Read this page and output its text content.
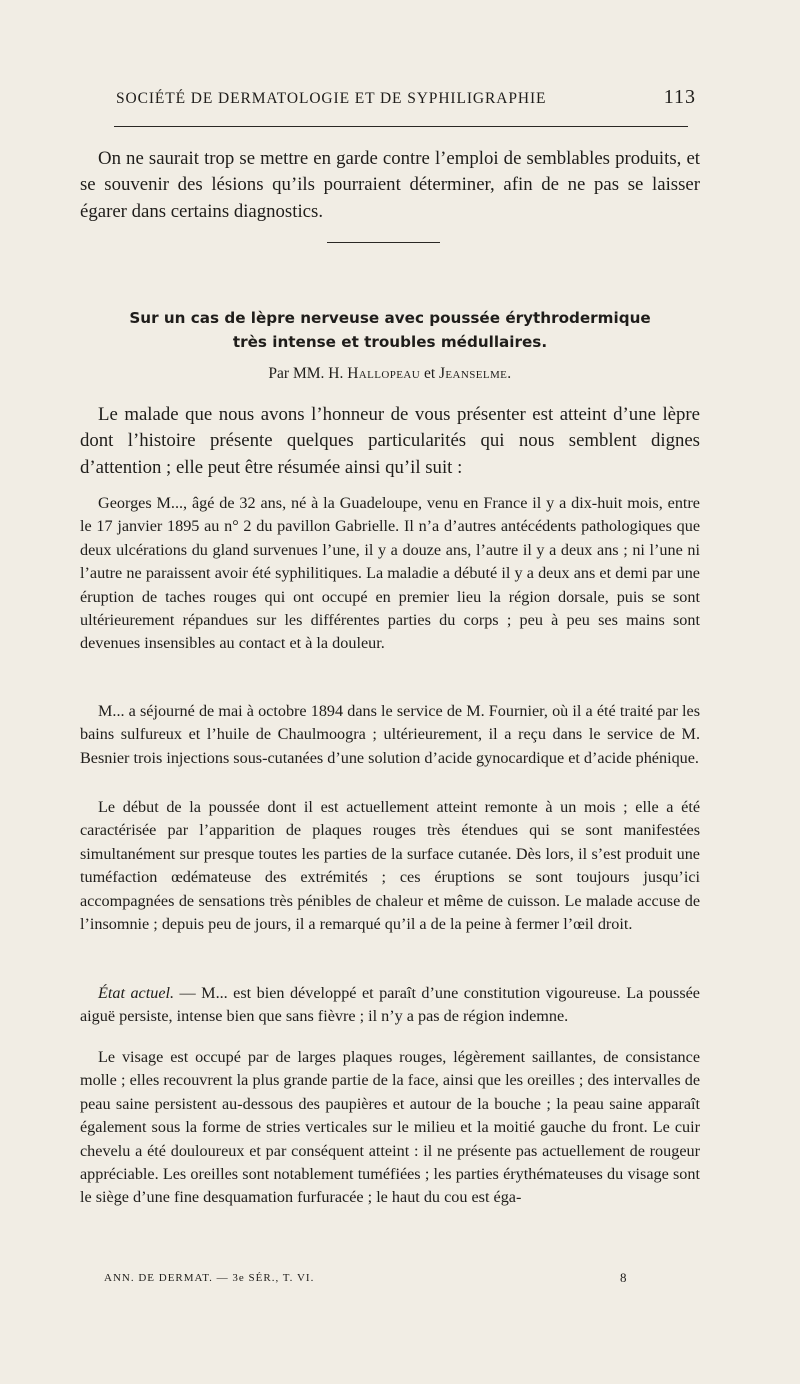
SOCIÉTÉ DE DERMATOLOGIE ET DE SYPHILIGRAPHIE	113

On ne saurait trop se mettre en garde contre l’emploi de semblables produits, et se souvenir des lésions qu’ils pourraient déterminer, afin de ne pas se laisser égarer dans certains diagnostics.

Sur un cas de lèpre nerveuse avec poussée érythrodermique
très intense et troubles médullaires.
Par MM. H. Hallopeau et Jeanselme.

Le malade que nous avons l’honneur de vous présenter est atteint d’une lèpre dont l’histoire présente quelques particularités qui nous semblent dignes d’attention ; elle peut être résumée ainsi qu’il suit :

Georges M..., âgé de 32 ans, né à la Guadeloupe, venu en France il y a dix-huit mois, entre le 17 janvier 1895 au n° 2 du pavillon Gabrielle. Il n’a d’autres antécédents pathologiques que deux ulcérations du gland survenues l’une, il y a douze ans, l’autre il y a deux ans ; ni l’une ni l’autre ne paraissent avoir été syphilitiques. La maladie a débuté il y a deux ans et demi par une éruption de taches rouges qui ont occupé en premier lieu la région dorsale, puis se sont ultérieurement répandues sur les différentes parties du corps ; peu à peu ses mains sont devenues insensibles au contact et à la douleur.

M... a séjourné de mai à octobre 1894 dans le service de M. Fournier, où il a été traité par les bains sulfureux et l’huile de Chaulmoogra ; ultérieurement, il a reçu dans le service de M. Besnier trois injections sous-cutanées d’une solution d’acide gynocardique et d’acide phénique.

Le début de la poussée dont il est actuellement atteint remonte à un mois ; elle a été caractérisée par l’apparition de plaques rouges très étendues qui se sont manifestées simultanément sur presque toutes les parties de la surface cutanée. Dès lors, il s’est produit une tuméfaction œdémateuse des extrémités ; ces éruptions se sont toujours jusqu’ici accompagnées de sensations très pénibles de chaleur et même de cuisson. Le malade accuse de l’insomnie ; depuis peu de jours, il a remarqué qu’il a de la peine à fermer l’œil droit.

État actuel. — M... est bien développé et paraît d’une constitution vigoureuse. La poussée aiguë persiste, intense bien que sans fièvre ; il n’y a pas de région indemne.

Le visage est occupé par de larges plaques rouges, légèrement saillantes, de consistance molle ; elles recouvrent la plus grande partie de la face, ainsi que les oreilles ; des intervalles de peau saine persistent au-dessous des paupières et autour de la bouche ; la peau saine apparaît également sous la forme de stries verticales sur le milieu et la moitié gauche du front. Le cuir chevelu a été douloureux et par conséquent atteint : il ne présente pas actuellement de rougeur appréciable. Les oreilles sont notablement tuméfiées ; les parties érythémateuses du visage sont le siège d’une fine desquamation furfuracée ; le haut du cou est éga-

ANN. DE DERMAT. — 3e SÉR., T. VI.	8
